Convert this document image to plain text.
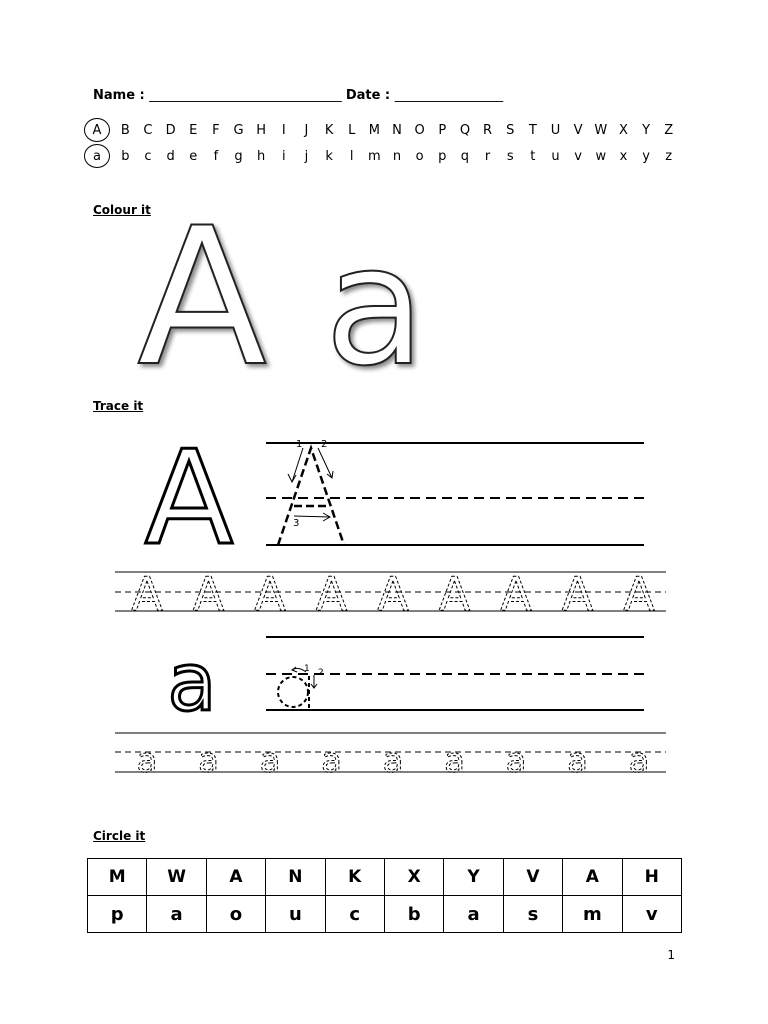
Name : ________________________________ Date : __________________
A	B	C	D	E	F	G H	I	J	K	L	M N O	P	Q	R	S	T	U	V W X	Y	Z
a	b	c	d	e	f	g	h	i	j	k	l	m n	o	p	q	r	s	t	u	v	w	x	y	z
Colour it
A a
Trace it
A	1 2
3
A A A A A A A A A
a	1 2
a a a a a a a a a
Circle it
M	W	A	N	K	X	Y	V	A	H
p	a	o	u	c	b	a	s	m	v
1
